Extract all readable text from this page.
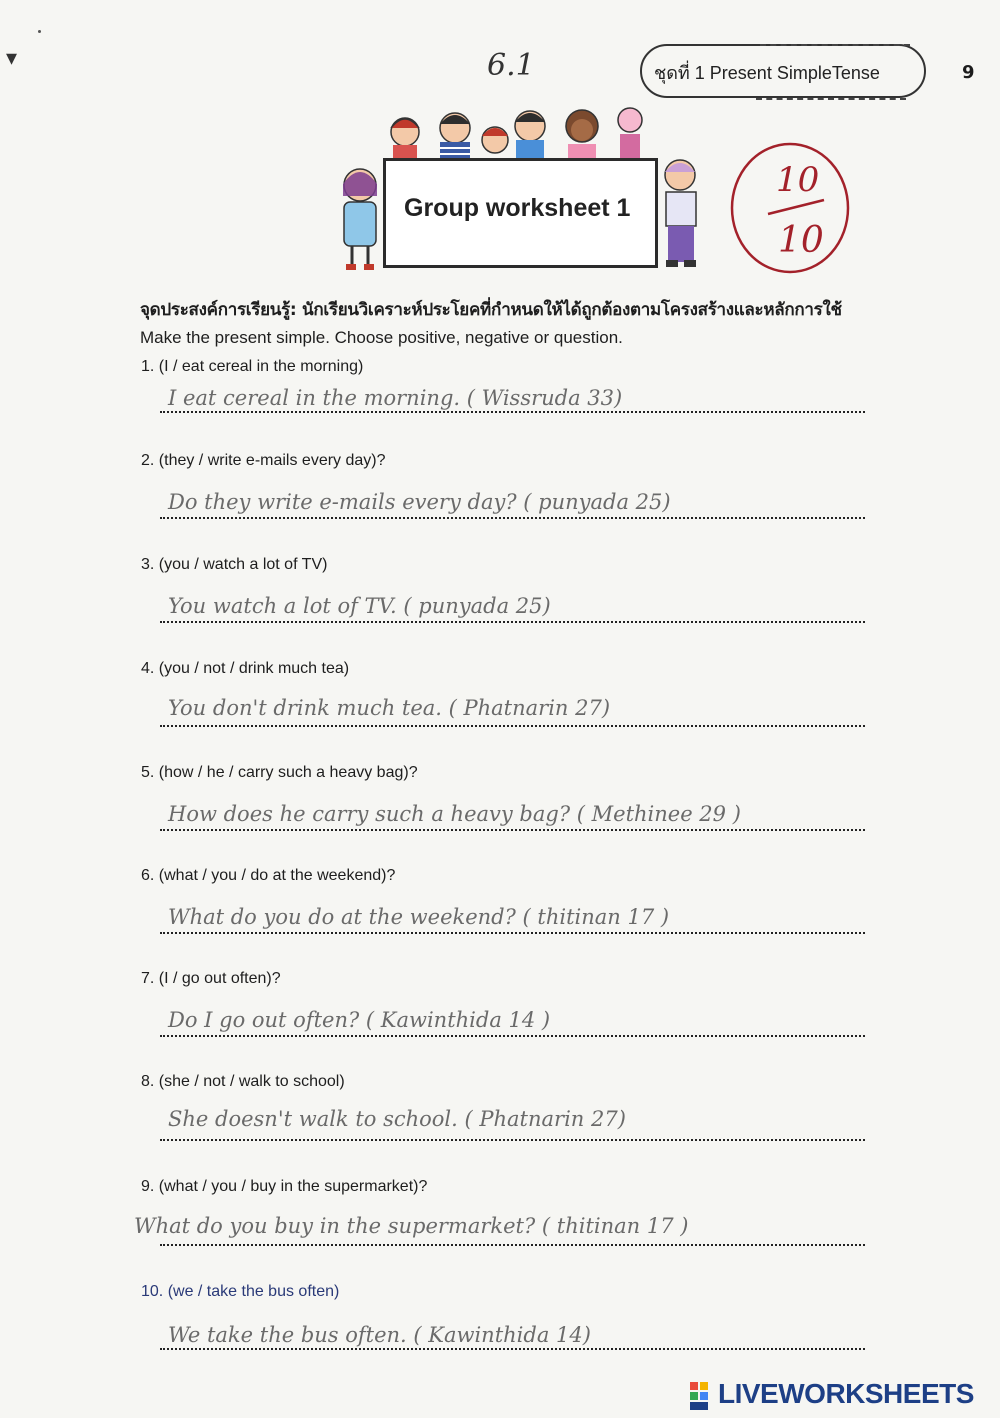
▾	6.1	ชุดที่ 1 Present SimpleTense	9
Group worksheet 1
10
10
จุดประสงค์การเรียนรู้: นักเรียนวิเคราะห์ประโยคที่กำหนดให้ได้ถูกต้องตามโครงสร้างและหลักการใช้
Make the present simple. Choose positive, negative or question.
1. (I / eat cereal in the morning)
I eat cereal in the morning. ( Wissruda 33)
2. (they / write e-mails every day)?
Do they write e-mails every day? ( punyada 25)
3. (you / watch a lot of TV)
You watch a lot of TV. ( punyada 25)
4. (you / not / drink much tea)
You don't drink much tea. ( Phatnarin 27)
5. (how / he / carry such a heavy bag)?
How does he carry such a heavy bag? ( Methinee 29 )
6. (what / you / do at the weekend)?
What do you do at the weekend? ( thitinan 17 )
7. (I / go out often)?
Do I go out often? ( Kawinthida 14 )
8. (she / not / walk to school)
She doesn't walk to school. ( Phatnarin 27)
9. (what / you / buy in the supermarket)?
What do you buy in the supermarket? ( thitinan 17 )
10. (we / take the bus often)
We take the bus often. ( Kawinthida 14)
LIVEWORKSHEETS
